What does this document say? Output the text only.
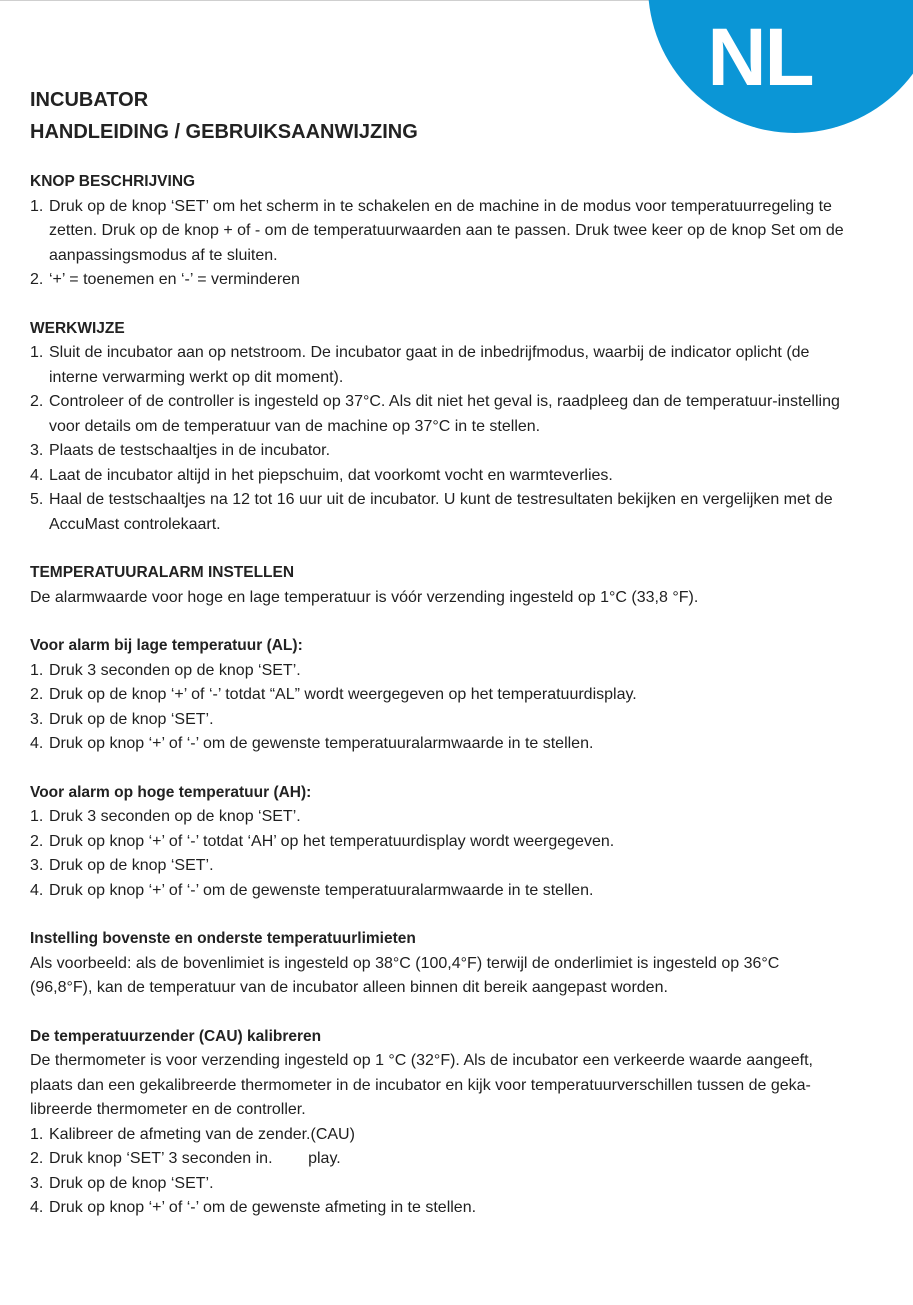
NL
INCUBATOR
HANDLEIDING / GEBRUIKSAANWIJZING
KNOP BESCHRIJVING
1. Druk op de knop ‘SET’ om het scherm in te schakelen en de machine in de modus voor temperatuurregeling te zetten. Druk op de knop + of - om de temperatuurwaarden aan te passen. Druk twee keer op de knop Set om de aanpassingsmodus af te sluiten.
2. ‘+’ = toenemen en ‘-’ = verminderen
WERKWIJZE
1. Sluit de incubator aan op netstroom. De incubator gaat in de inbedrijfmodus, waarbij de indicator oplicht (de interne verwarming werkt op dit moment).
2. Controleer of de controller is ingesteld op 37°C. Als dit niet het geval is, raadpleeg dan de temperatuur-instelling voor details om de temperatuur van de machine op 37°C in te stellen.
3. Plaats de testschaaltjes in de incubator.
4. Laat de incubator altijd in het piepschuim, dat voorkomt vocht en warmteverlies.
5. Haal de testschaaltjes na 12 tot 16 uur uit de incubator. U kunt de testresultaten bekijken en vergelijken met de AccuMast controlekaart.
TEMPERATUURALARM INSTELLEN

De alarmwaarde voor hoge en lage temperatuur is vóór verzending ingesteld op 1°C (33,8 °F).

Voor alarm bij lage temperatuur (AL):
1. Druk 3 seconden op de knop ‘SET’.
2. Druk op de knop ‘+’ of ‘-’ totdat “AL” wordt weergegeven op het temperatuurdisplay.
3. Druk op de knop ‘SET’.
4. Druk op knop ‘+’ of ‘-’ om de gewenste temperatuuralarmwaarde in te stellen.
Voor alarm op hoge temperatuur (AH):
1. Druk 3 seconden op de knop ‘SET’.
2. Druk op knop ‘+’ of ‘-’ totdat ‘AH’ op het temperatuurdisplay wordt weergegeven.
3. Druk op de knop ‘SET’.
4. Druk op knop ‘+’ of ‘-’ om de gewenste temperatuuralarmwaarde in te stellen.
Instelling bovenste en onderste temperatuurlimieten

Als voorbeeld: als de bovenlimiet is ingesteld op 38°C (100,4°F) terwijl de onderlimiet is ingesteld op 36°C (96,8°F), kan de temperatuur van de incubator alleen binnen dit bereik aangepast worden.

De temperatuurzender (CAU) kalibreren

De thermometer is voor verzending ingesteld op 1 °C (32°F). Als de incubator een verkeerde waarde aangeeft, plaats dan een gekalibreerde thermometer in de incubator en kijk voor temperatuurverschillen tussen de geka-libreerde thermometer en de controller.

1. Kalibreer de afmeting van de zender.(CAU)
2. Druk knop ‘SET’ 3 seconden in.        play.
3. Druk op de knop ‘SET’.
4. Druk op knop ‘+’ of ‘-’ om de gewenste afmeting in te stellen.
